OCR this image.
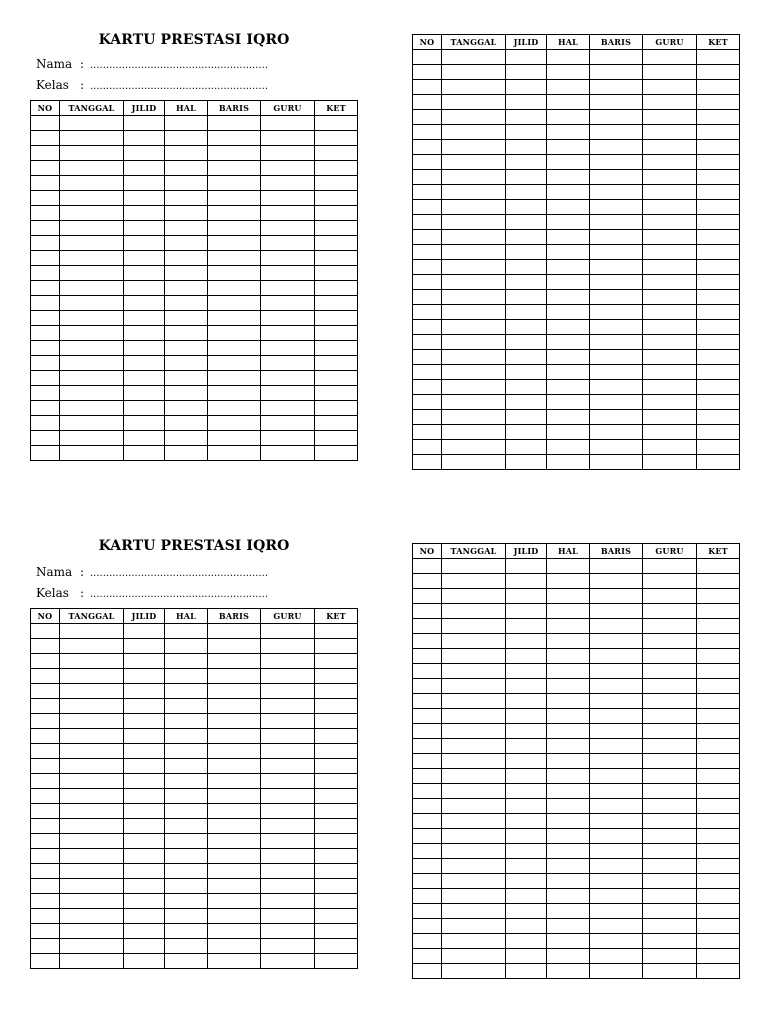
KARTU PRESTASI IQRO
Nama : ........................................................
Kelas : ........................................................
NO	TANGGAL	JILID	HAL	BARIS	GURU	KET

NO	TANGGAL	JILID	HAL	BARIS	GURU	KET

KARTU PRESTASI IQRO
Nama : ........................................................
Kelas : ........................................................
NO	TANGGAL	JILID	HAL	BARIS	GURU	KET

NO	TANGGAL	JILID	HAL	BARIS	GURU	KET
